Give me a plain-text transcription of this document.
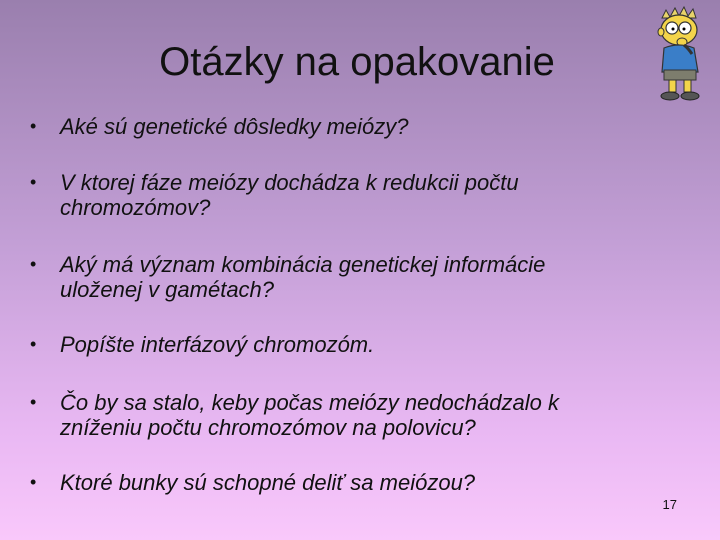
Otázky na opakovanie
• Aké sú genetické dôsledky meiózy?
• V ktorej fáze meiózy dochádza k redukcii počtu chromozómov?
• Aký má význam kombinácia genetickej informácie uloženej v gamétach?
• Popíšte interfázový chromozóm.
• Čo by sa stalo, keby počas meiózy nedochádzalo k zníženiu počtu chromozómov na polovicu?
• Ktoré bunky sú schopné deliť sa meiózou?
17
